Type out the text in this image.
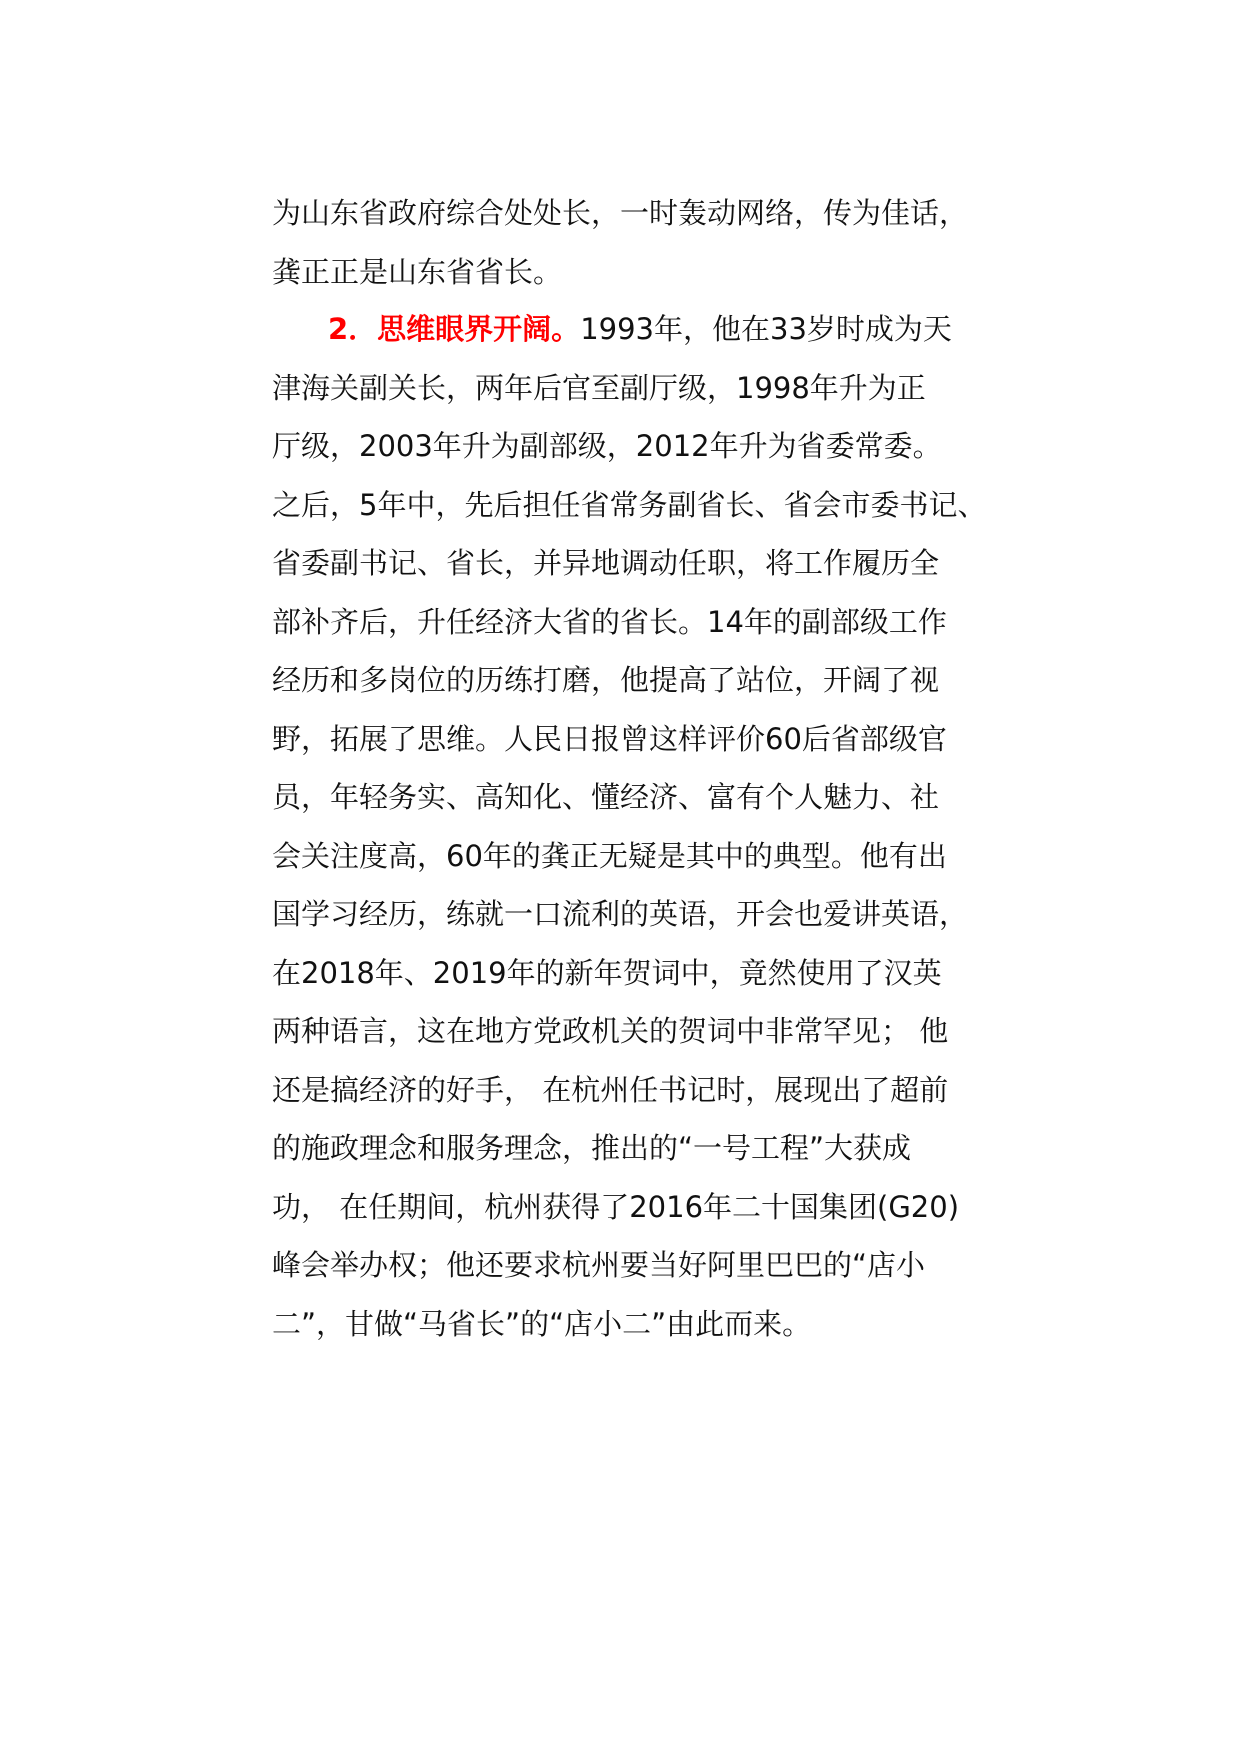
为山东省政府综合处处长，一时轰动网络，传为佳话，
龚正正是山东省省长。
2．思维眼界开阔。1993年，他在33岁时成为天
津海关副关长，两年后官至副厅级，1998年升为正
厅级，2003年升为副部级，2012年升为省委常委。
之后，5年中，先后担任省常务副省长、省会市委书记、
省委副书记、省长，并异地调动任职，将工作履历全
部补齐后，升任经济大省的省长。14年的副部级工作
经历和多岗位的历练打磨，他提高了站位，开阔了视
野，拓展了思维。人民日报曾这样评价60后省部级官
员，年轻务实、高知化、懂经济、富有个人魅力、社
会关注度高，60年的龚正无疑是其中的典型。他有出
国学习经历，练就一口流利的英语，开会也爱讲英语，
在2018年、2019年的新年贺词中，竟然使用了汉英
两种语言，这在地方党政机关的贺词中非常罕见； 他
还是搞经济的好手， 在杭州任书记时，展现出了超前
的施政理念和服务理念，推出的“一号工程”大获成
功， 在任期间，杭州获得了2016年二十国集团(G20)
峰会举办权；他还要求杭州要当好阿里巴巴的“店小
二”，甘做“马省长”的“店小二”由此而来。
